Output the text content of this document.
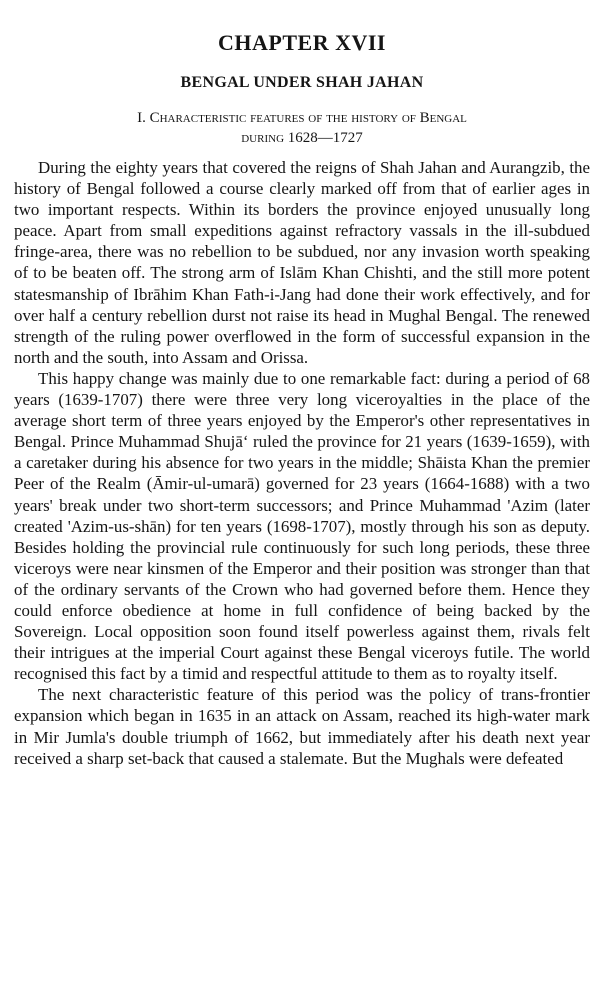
CHAPTER XVII
BENGAL UNDER SHAH JAHAN
I. Characteristic features of the history of Bengal
during 1628—1727

During the eighty years that covered the reigns of Shah Jahan and Aurangzib, the history of Bengal followed a course clearly marked off from that of earlier ages in two important respects. Within its borders the province enjoyed unusually long peace. Apart from small expeditions against refractory vassals in the ill-subdued fringe-area, there was no rebellion to be subdued, nor any invasion worth speaking of to be beaten off. The strong arm of Islām Khan Chishti, and the still more potent statesmanship of Ibrāhim Khan Fath-i-Jang had done their work effectively, and for over half a century rebellion durst not raise its head in Mughal Bengal. The renewed strength of the ruling power overflowed in the form of successful expansion in the north and the south, into Assam and Orissa.

This happy change was mainly due to one remarkable fact: during a period of 68 years (1639-1707) there were three very long viceroyalties in the place of the average short term of three years enjoyed by the Emperor's other representatives in Bengal. Prince Muhammad Shujā‘ ruled the province for 21 years (1639-1659), with a caretaker during his absence for two years in the middle; Shāista Khan the premier Peer of the Realm (Āmir-ul-umarā) governed for 23 years (1664-1688) with a two years' break under two short-term successors; and Prince Muhammad 'Azim (later created 'Azim-us-shān) for ten years (1698-1707), mostly through his son as deputy. Besides holding the provincial rule continuously for such long periods, these three viceroys were near kinsmen of the Emperor and their position was stronger than that of the ordinary servants of the Crown who had governed before them. Hence they could enforce obedience at home in full confidence of being backed by the Sovereign. Local opposition soon found itself powerless against them, rivals felt their intrigues at the imperial Court against these Bengal viceroys futile. The world recognised this fact by a timid and respectful attitude to them as to royalty itself.

The next characteristic feature of this period was the policy of trans-frontier expansion which began in 1635 in an attack on Assam, reached its high-water mark in Mir Jumla's double triumph of 1662, but immediately after his death next year received a sharp set-back that caused a stalemate. But the Mughals were defeated
